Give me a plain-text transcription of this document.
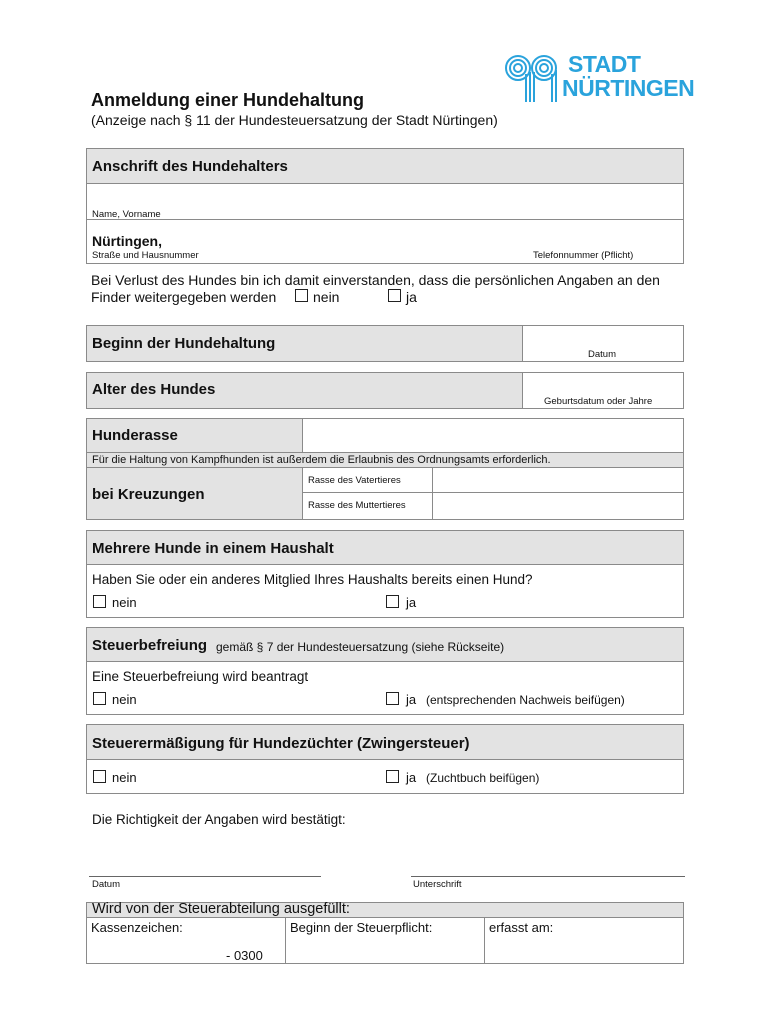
STADT
NÜRTINGEN
Anmeldung einer Hundehaltung
(Anzeige nach § 11 der Hundesteuersatzung der Stadt Nürtingen)
Anschrift des Hundehalters
Name, Vorname
Nürtingen,
Straße und Hausnummer	Telefonnummer (Pflicht)
Bei Verlust des Hundes bin ich damit einverstanden, dass die persönlichen Angaben an den
Finder weitergegeben werden	nein	ja
Beginn der Hundehaltung
Datum
Alter des Hundes
Geburtsdatum oder Jahre
Hunderasse
Für die Haltung von Kampfhunden ist außerdem die Erlaubnis des Ordnungsamts erforderlich.
bei Kreuzungen
Rasse des Vatertieres
Rasse des Muttertieres
Mehrere Hunde in einem Haushalt
Haben Sie oder ein anderes Mitglied Ihres Haushalts bereits einen Hund?
nein	ja
Steuerbefreiung gemäß § 7 der Hundesteuersatzung (siehe Rückseite)
Eine Steuerbefreiung wird beantragt
nein	ja (entsprechenden Nachweis beifügen)
Steuerermäßigung für Hundezüchter (Zwingersteuer)
nein	ja (Zuchtbuch beifügen)
Die Richtigkeit der Angaben wird bestätigt:
Datum	Unterschrift
Wird von der Steuerabteilung ausgefüllt:
Kassenzeichen:
- 0300
Beginn der Steuerpflicht:	erfasst am:
